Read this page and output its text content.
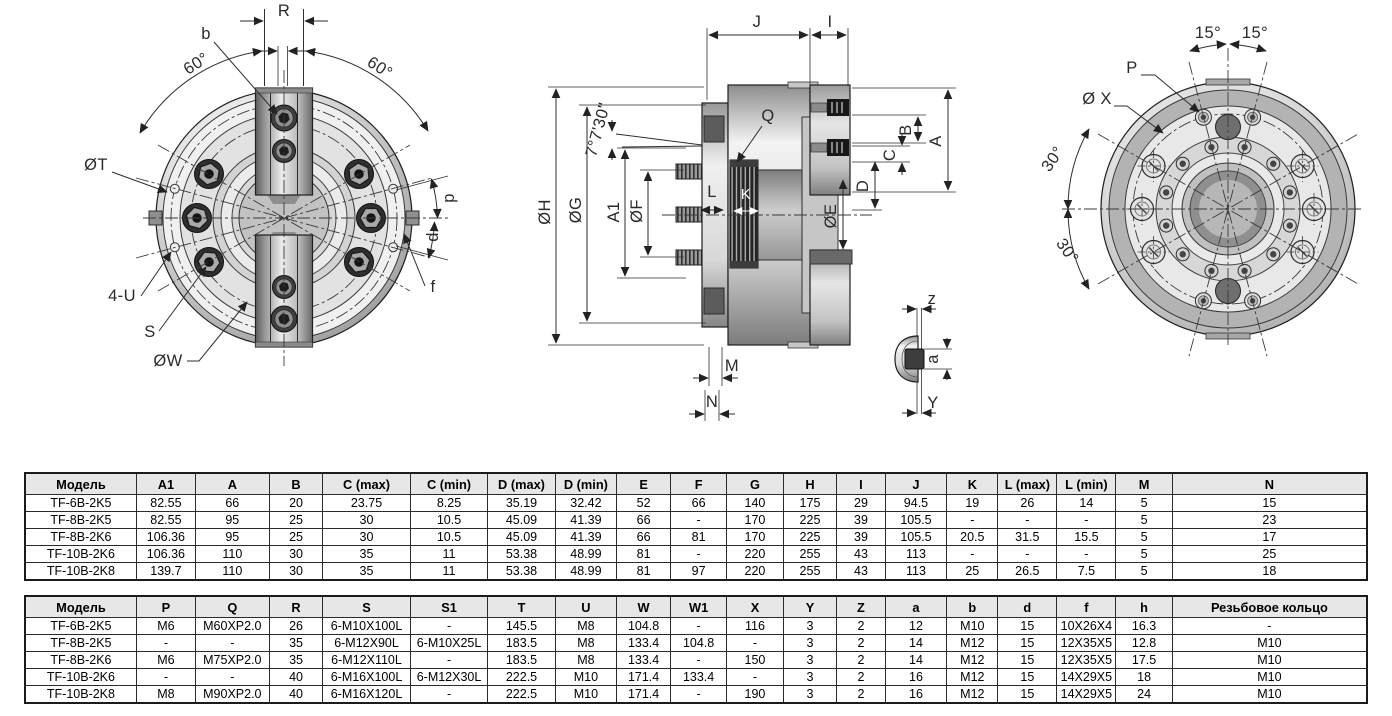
R
b
60°	60°
ØT
p
d
f
4-U
S
ØW
ØH ØG A1 ØF
7°7'30"
J	I
A
B
C
D
ØE
Q
K
L
M
N
z
a
Y
15° 15°
P
Ø X
30°
30°
Модель	A1	A	B	C (max)	C (min)	D (max)	D (min)	E	F	G	H	I	J	K	L (max)	L (min)	M	N
TF-6B-2K5	82.55	66	20	23.75	8.25	35.19	32.42	52	66	140	175	29	94.5	19	26	14	5	15
TF-8B-2K5	82.55	95	25	30	10.5	45.09	41.39	66	-	170	225	39	105.5	-	-	-	5	23
TF-8B-2K6	106.36	95	25	30	10.5	45.09	41.39	66	81	170	225	39	105.5	20.5	31.5	15.5	5	17
TF-10B-2K6	106.36	110	30	35	11	53.38	48.99	81	-	220	255	43	113	-	-	-	5	25
TF-10B-2K8	139.7	110	30	35	11	53.38	48.99	81	97	220	255	43	113	25	26.5	7.5	5	18
Модель	P	Q	R	S	S1	T	U	W	W1	X	Y	Z	a	b	d	f	h	Резьбовое кольцо
TF-6B-2K5	M6	M60XP2.0	26	6-M10X100L	-	145.5	M8	104.8	-	116	3	2	12	M10	15	10X26X4	16.3	-
TF-8B-2K5	-	-	35	6-M12X90L	6-M10X25L	183.5	M8	133.4	104.8	-	3	2	14	M12	15	12X35X5	12.8	M10
TF-8B-2K6	M6	M75XP2.0	35	6-M12X110L	-	183.5	M8	133.4	-	150	3	2	14	M12	15	12X35X5	17.5	M10
TF-10B-2K6	-	-	40	6-M16X100L	6-M12X30L	222.5	M10	171.4	133.4	-	3	2	16	M12	15	14X29X5	18	M10
TF-10B-2K8	M8	M90XP2.0	40	6-M16X120L	-	222.5	M10	171.4	-	190	3	2	16	M12	15	14X29X5	24	M10
